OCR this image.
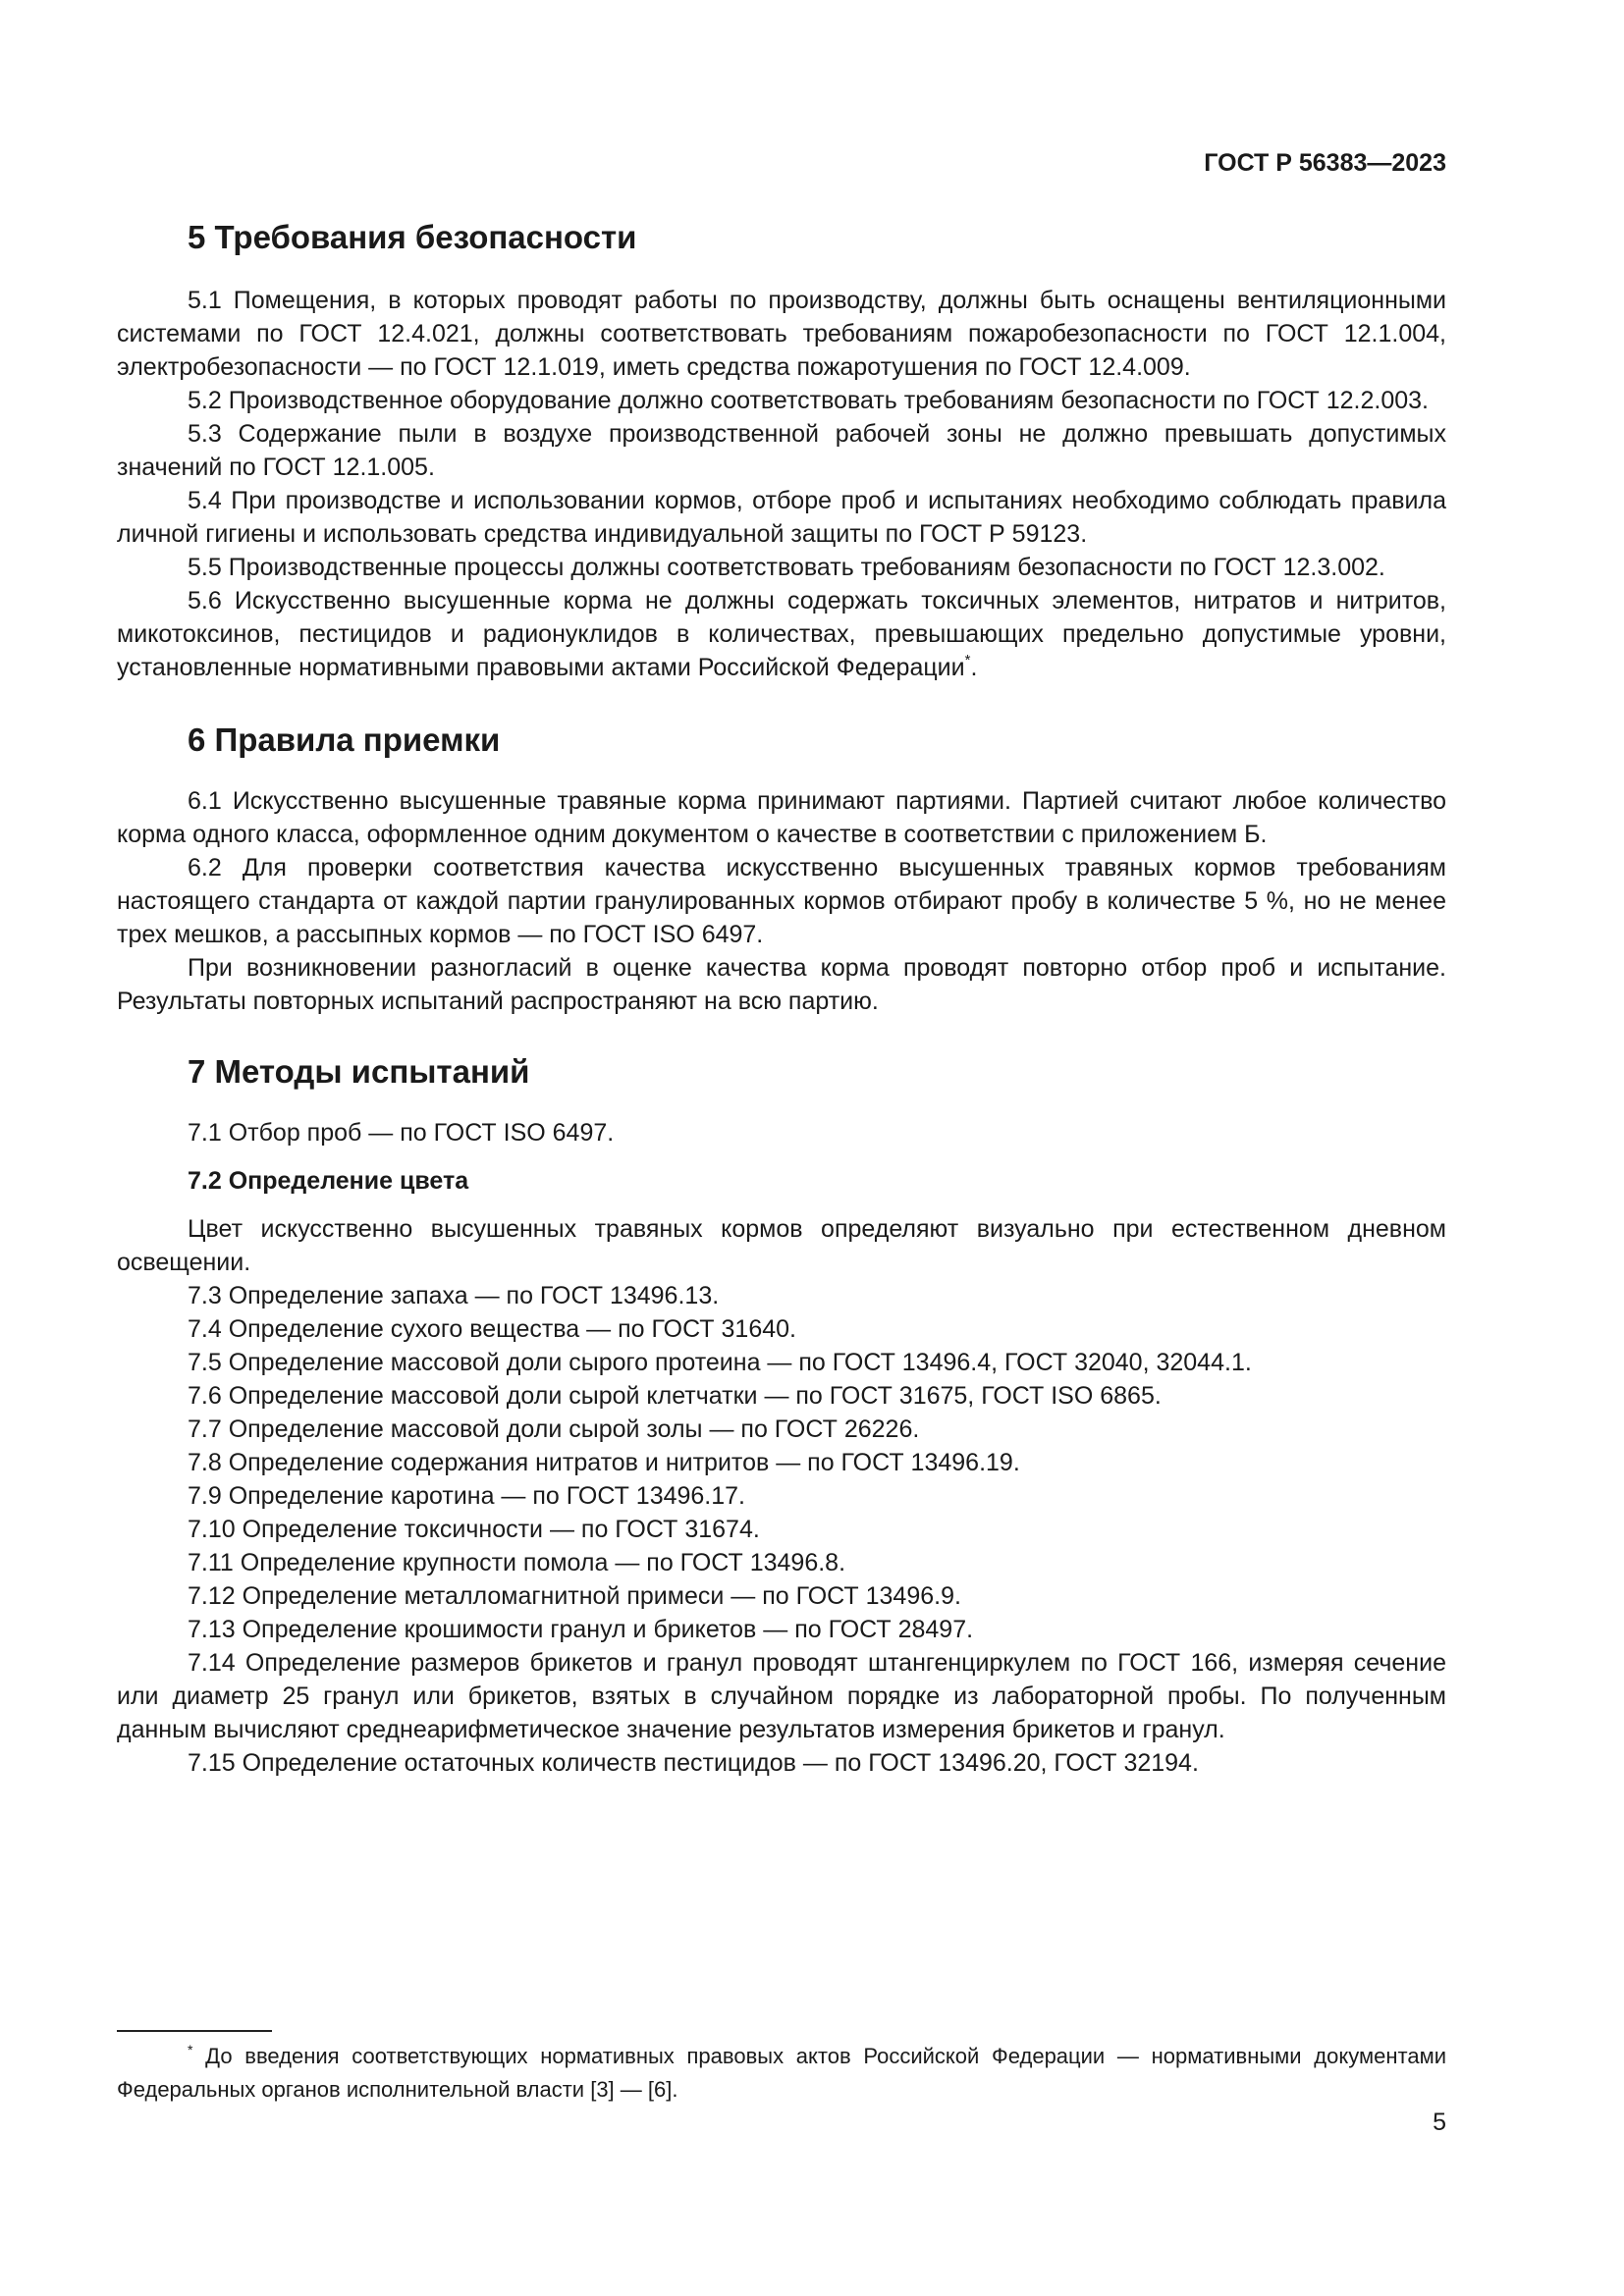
ГОСТ Р 56383—2023
5 Требования безопасности

5.1 Помещения, в которых проводят работы по производству, должны быть оснащены вентиляционными системами по ГОСТ 12.4.021, должны соответствовать требованиям пожаробезопасности по ГОСТ 12.1.004, электробезопасности — по ГОСТ 12.1.019, иметь средства пожаротушения по ГОСТ 12.4.009.

5.2 Производственное оборудование должно соответствовать требованиям безопасности по ГОСТ 12.2.003.

5.3 Содержание пыли в воздухе производственной рабочей зоны не должно превышать допустимых значений по ГОСТ 12.1.005.

5.4 При производстве и использовании кормов, отборе проб и испытаниях необходимо соблюдать правила личной гигиены и использовать средства индивидуальной защиты по ГОСТ Р 59123.

5.5 Производственные процессы должны соответствовать требованиям безопасности по ГОСТ 12.3.002.

5.6 Искусственно высушенные корма не должны содержать токсичных элементов, нитратов и нитритов, микотоксинов, пестицидов и радионуклидов в количествах, превышающих предельно допустимые уровни, установленные нормативными правовыми актами Российской Федерации*.

6 Правила приемки

6.1 Искусственно высушенные травяные корма принимают партиями. Партией считают любое количество корма одного класса, оформленное одним документом о качестве в соответствии с приложением Б.

6.2 Для проверки соответствия качества искусственно высушенных травяных кормов требованиям настоящего стандарта от каждой партии гранулированных кормов отбирают пробу в количестве 5 %, но не менее трех мешков, а рассыпных кормов — по ГОСТ ISO 6497.

При возникновении разногласий в оценке качества корма проводят повторно отбор проб и испытание. Результаты повторных испытаний распространяют на всю партию.

7 Методы испытаний

7.1 Отбор проб — по ГОСТ ISO 6497.

7.2 Определение цвета

Цвет искусственно высушенных травяных кормов определяют визуально при естественном дневном освещении.

7.3 Определение запаха — по ГОСТ 13496.13.

7.4 Определение сухого вещества — по ГОСТ 31640.

7.5 Определение массовой доли сырого протеина — по ГОСТ 13496.4, ГОСТ 32040, 32044.1.

7.6 Определение массовой доли сырой клетчатки — по ГОСТ 31675, ГОСТ ISO 6865.

7.7 Определение массовой доли сырой золы — по ГОСТ 26226.

7.8 Определение содержания нитратов и нитритов — по ГОСТ 13496.19.

7.9 Определение каротина — по ГОСТ 13496.17.

7.10 Определение токсичности — по ГОСТ 31674.

7.11 Определение крупности помола — по ГОСТ 13496.8.

7.12 Определение металломагнитной примеси — по ГОСТ 13496.9.

7.13 Определение крошимости гранул и брикетов — по ГОСТ 28497.

7.14 Определение размеров брикетов и гранул проводят штангенциркулем по ГОСТ 166, измеряя сечение или диаметр 25 гранул или брикетов, взятых в случайном порядке из лабораторной пробы. По полученным данным вычисляют среднеарифметическое значение результатов измерения брикетов и гранул.

7.15 Определение остаточных количеств пестицидов — по ГОСТ 13496.20, ГОСТ 32194.

* До введения соответствующих нормативных правовых актов Российской Федерации — нормативными документами Федеральных органов исполнительной власти [3] — [6].
5
